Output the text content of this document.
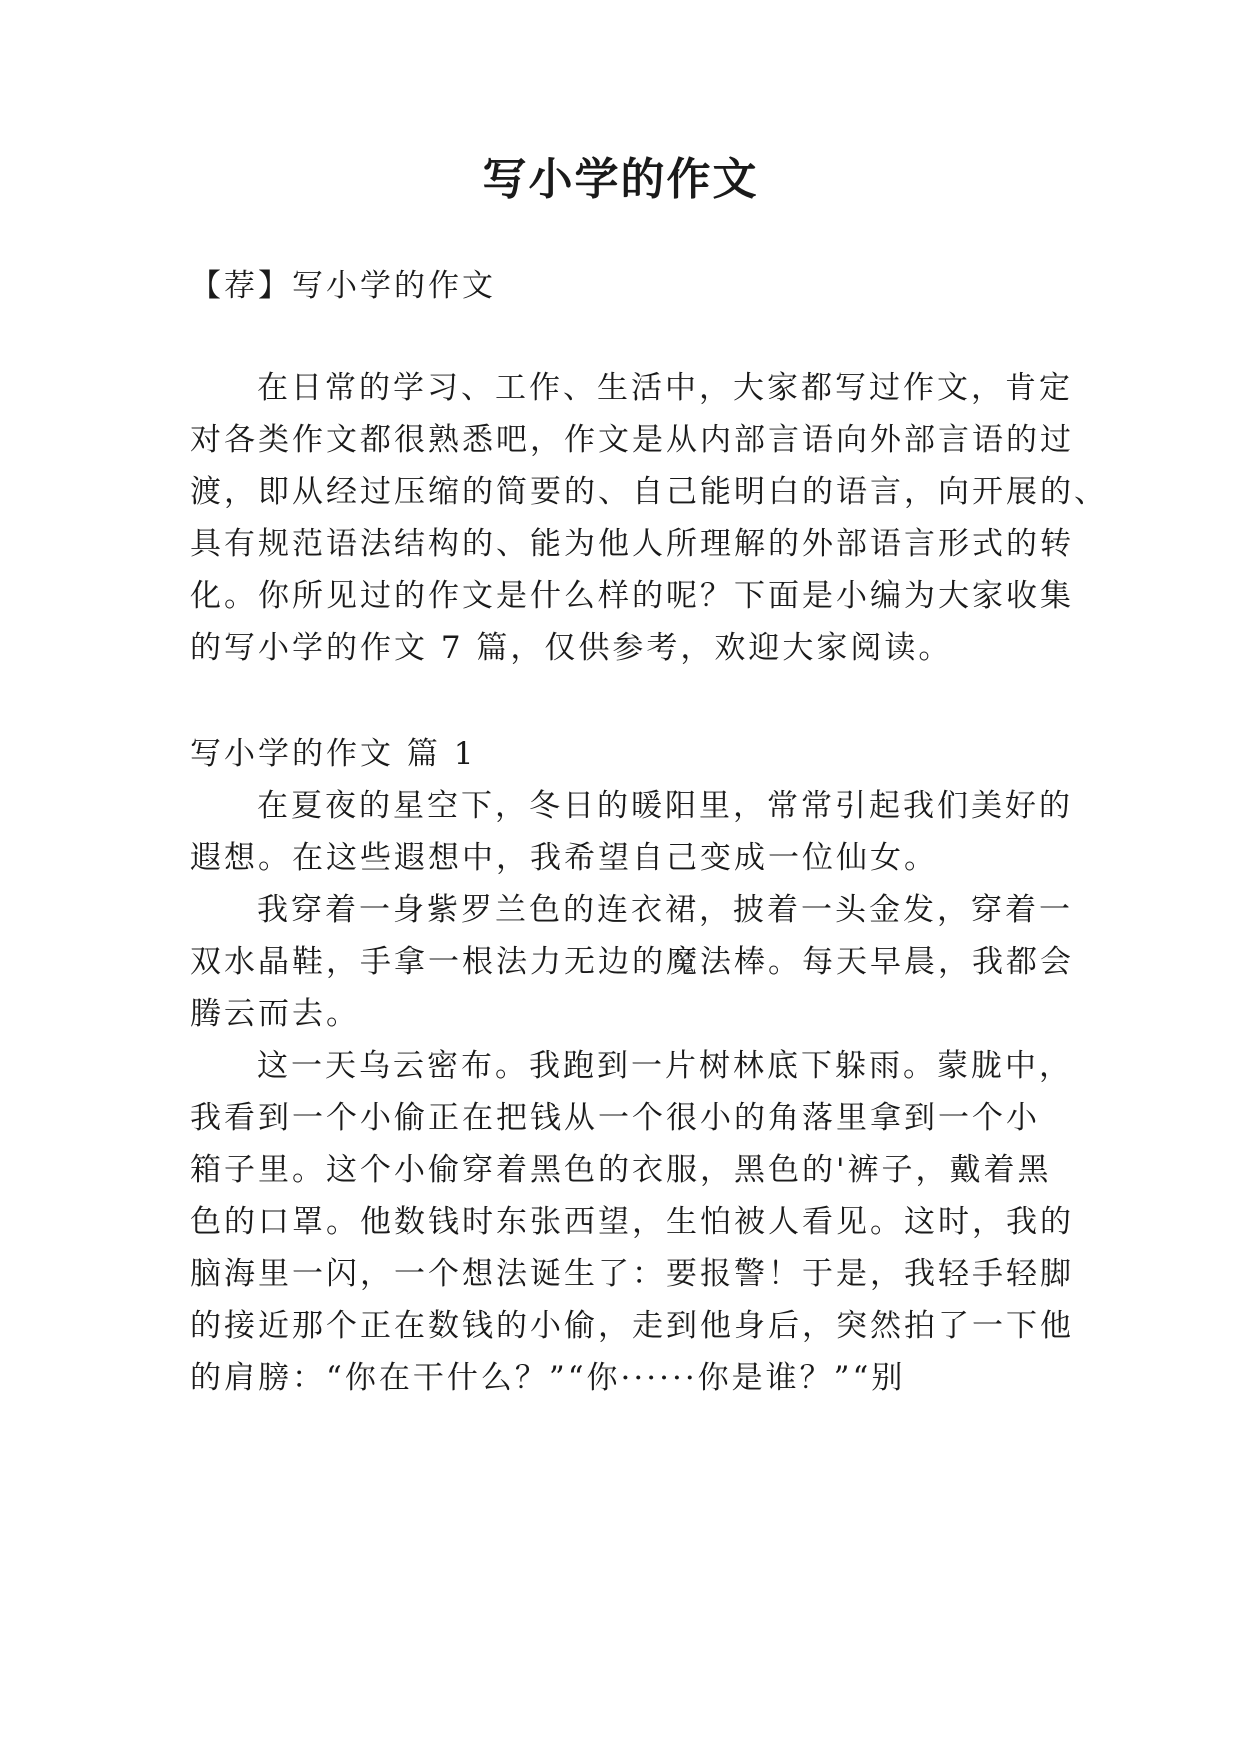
写小学的作文
【荐】写小学的作文
在日常的学习、工作、生活中，大家都写过作文，肯定
对各类作文都很熟悉吧，作文是从内部言语向外部言语的过
渡，即从经过压缩的简要的、自己能明白的语言，向开展的、
具有规范语法结构的、能为他人所理解的外部语言形式的转
化。你所见过的作文是什么样的呢？下面是小编为大家收集
的写小学的作文 7 篇，仅供参考，欢迎大家阅读。
写小学的作文 篇 1
在夏夜的星空下，冬日的暖阳里，常常引起我们美好的
遐想。在这些遐想中，我希望自己变成一位仙女。
我穿着一身紫罗兰色的连衣裙，披着一头金发，穿着一
双水晶鞋，手拿一根法力无边的魔法棒。每天早晨，我都会
腾云而去。
这一天乌云密布。我跑到一片树林底下躲雨。蒙胧中，
我看到一个小偷正在把钱从一个很小的角落里拿到一个小
箱子里。这个小偷穿着黑色的衣服，黑色的'裤子，戴着黑
色的口罩。他数钱时东张西望，生怕被人看见。这时，我的
脑海里一闪，一个想法诞生了：要报警！于是，我轻手轻脚
的接近那个正在数钱的小偷，走到他身后，突然拍了一下他
的肩膀：“你在干什么？”“你······你是谁？”“别
